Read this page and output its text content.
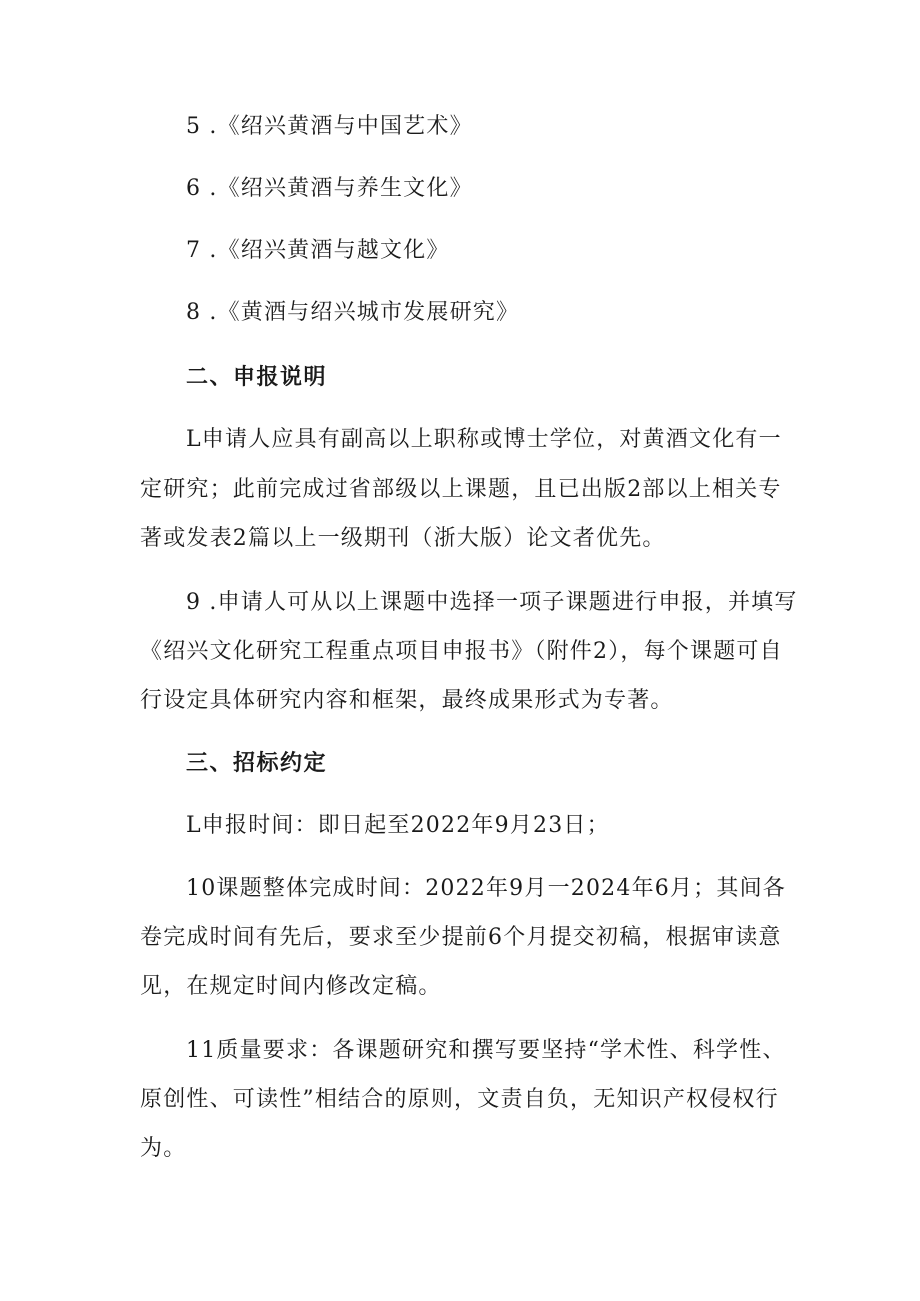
5 .《绍兴黄酒与中国艺术》
6 .《绍兴黄酒与养生文化》
7 .《绍兴黄酒与越文化》
8 .《黄酒与绍兴城市发展研究》
二、申报说明
L申请人应具有副高以上职称或博士学位，对黄酒文化有一
定研究；此前完成过省部级以上课题，且已出版2部以上相关专
著或发表2篇以上一级期刊（浙大版）论文者优先。
9 .申请人可从以上课题中选择一项子课题进行申报，并填写
《绍兴文化研究工程重点项目申报书》（附件2），每个课题可自
行设定具体研究内容和框架，最终成果形式为专著。
三、招标约定
L申报时间：即日起至2022年9月23日；
10课题整体完成时间：2022年9月一2024年6月；其间各
卷完成时间有先后，要求至少提前6个月提交初稿，根据审读意
见，在规定时间内修改定稿。
11质量要求：各课题研究和撰写要坚持“学术性、科学性、
原创性、可读性”相结合的原则，文责自负，无知识产权侵权行
为。
